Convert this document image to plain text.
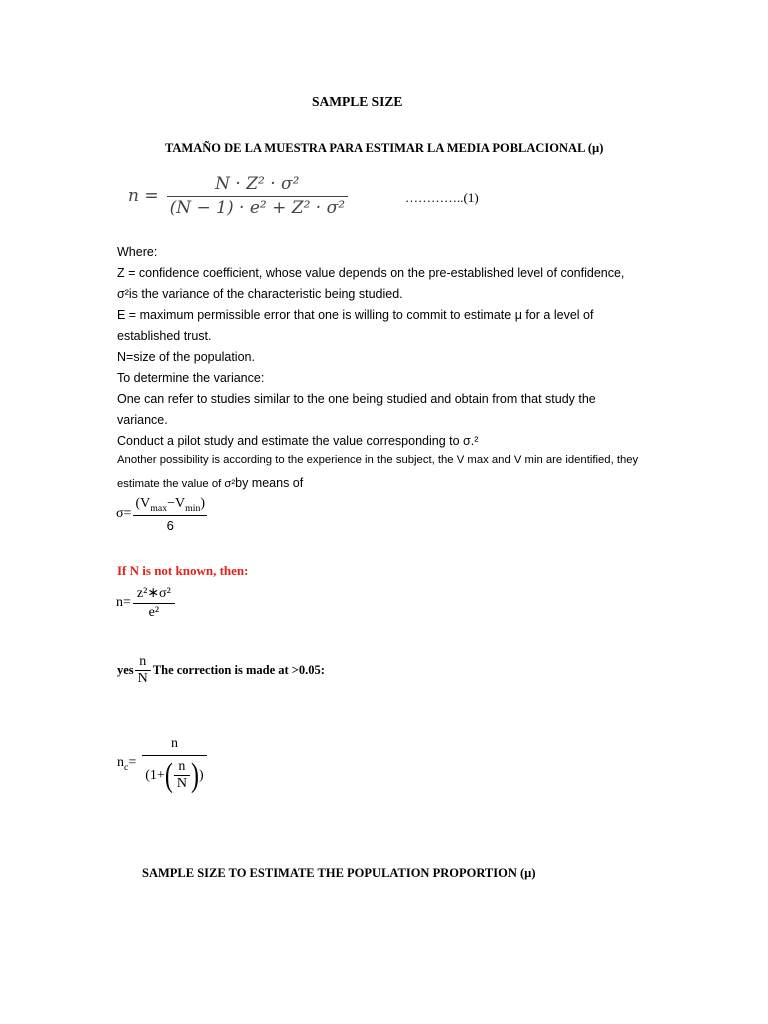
SAMPLE SIZE
TAMAÑO DE LA MUESTRA PARA ESTIMAR LA MEDIA POBLACIONAL (µ)
$n = \frac{\text{N · Z² · σ²}}{\text{(N − 1) · e² + Z² · σ²}}$	…………..(1)
Where:
Z = confidence coefficient, whose value depends on the pre-established level of confidence,
σ²is the variance of the characteristic being studied.
E = maximum permissible error that one is willing to commit to estimate μ for a level of
established trust.
N=size of the population.
To determine the variance:
One can refer to studies similar to the one being studied and obtain from that study the
variance.
Conduct a pilot study and estimate the value corresponding to σ.²
Another possibility is according to the experience in the subject, the V max and V min are identified, they
estimate the value of σ²by means of
$\sigma= \frac{(V_{max}-V_{min})}{6}$
If N is not known, then:
$n= \frac{\text{z²∗σ²}}{\text{e²}}$
yes $\frac{n}{N}$ The correction is made at >0.05:
$n_c=$
n
(1+ ( $\frac{n}{N}$ ) )
SAMPLE SIZE TO ESTIMATE THE POPULATION PROPORTION (µ)
